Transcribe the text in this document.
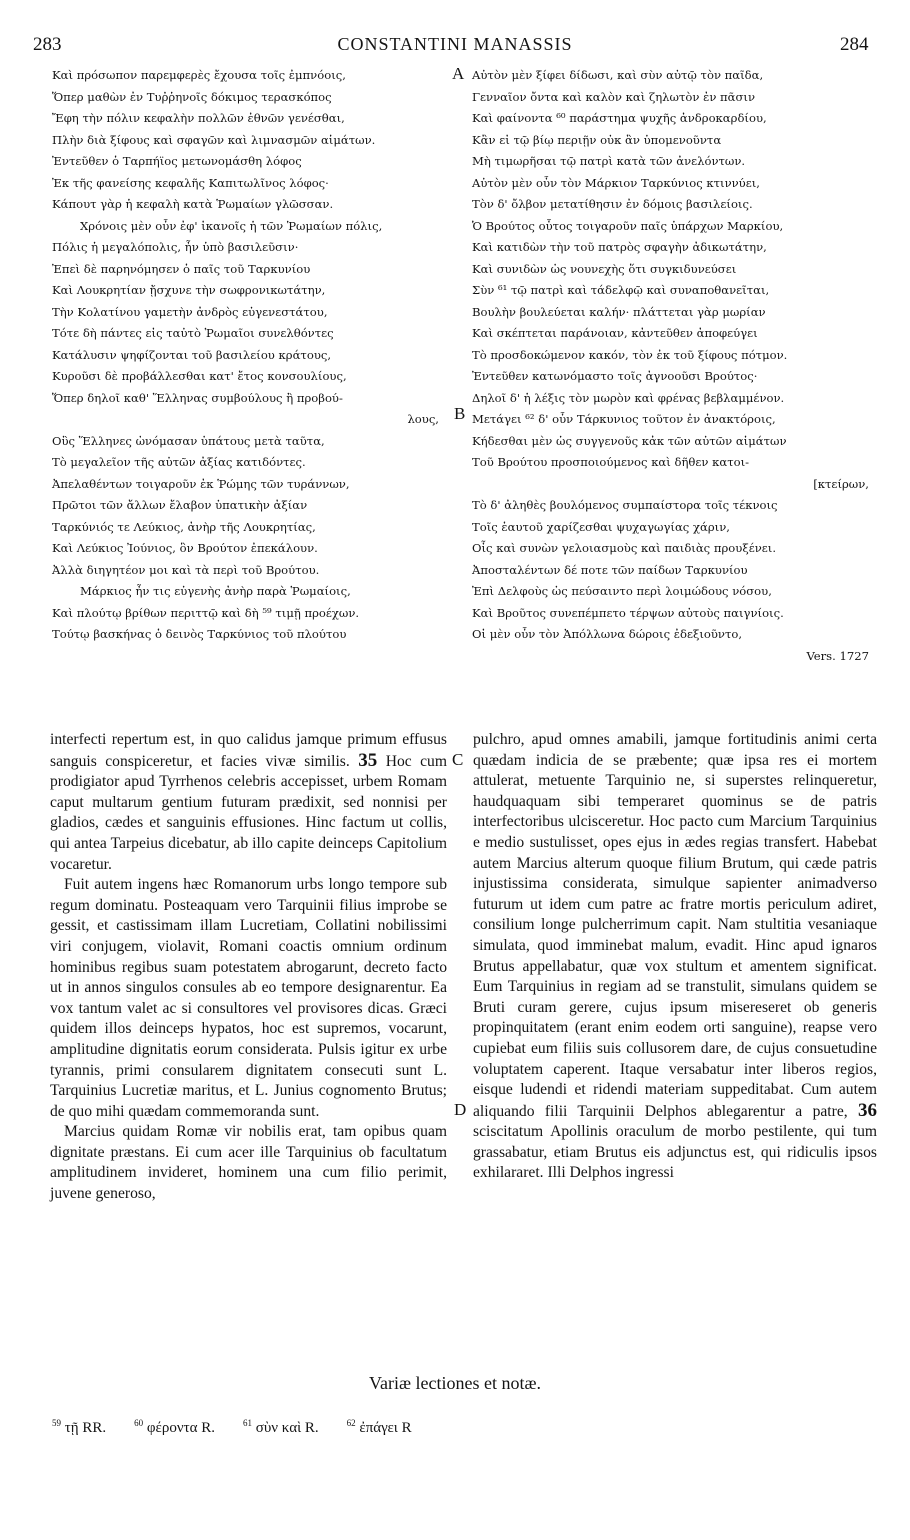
283	CONSTANTINI MANASSIS	284
A
B
C
D
Καὶ πρόσωπον παρεμφερὲς ἔχουσα τοῖς ἐμπνόοις,
Ὅπερ μαθὼν ἐν Τυῤῥηνοῖς δόκιμος τερασκόπος
Ἔφη τὴν πόλιν κεφαλὴν πολλῶν ἐθνῶν γενέσθαι,
Πλὴν διὰ ξίφους καὶ σφαγῶν καὶ λιμνασμῶν αἱμάτων.
Ἐντεῦθεν ὁ Ταρπήϊος μετωνομάσθη λόφος
Ἐκ τῆς φανείσης κεφαλῆς Καπιτωλῖνος λόφος·
Κάπουτ γὰρ ἡ κεφαλὴ κατὰ Ῥωμαίων γλῶσσαν.
Χρόνοις μὲν οὖν ἐφ' ἱκανοῖς ἡ τῶν Ῥωμαίων πόλις,
Πόλις ἡ μεγαλόπολις, ἦν ὑπὸ βασιλεῦσιν·
Ἐπεὶ δὲ παρηνόμησεν ὁ παῖς τοῦ Ταρκυνίου
Καὶ Λουκρητίαν ᾔσχυνε τὴν σωφρονικωτάτην,
Τὴν Κολατίνου γαμετὴν ἀνδρὸς εὐγενεστάτου,
Τότε δὴ πάντες εἰς ταὐτὸ Ῥωμαῖοι συνελθόντες
Κατάλυσιν ψηφίζονται τοῦ βασιλείου κράτους,
Κυροῦσι δὲ προβάλλεσθαι κατ' ἔτος κονσουλίους,
Ὅπερ δηλοῖ καθ' Ἕλληνας συμβούλους ἢ προβού-
λους,
Οὓς Ἕλληνες ὠνόμασαν ὑπάτους μετὰ ταῦτα,
Τὸ μεγαλεῖον τῆς αὐτῶν ἀξίας κατιδόντες.
Ἀπελαθέντων τοιγαροῦν ἐκ Ῥώμης τῶν τυράννων,
Πρῶτοι τῶν ἄλλων ἔλαβον ὑπατικὴν ἀξίαν
Ταρκύνιός τε Λεύκιος, ἀνὴρ τῆς Λουκρητίας,
Καὶ Λεύκιος Ἰούνιος, ὃν Βρούτον ἐπεκάλουν.
Ἀλλὰ διηγητέον μοι καὶ τὰ περὶ τοῦ Βρούτου.
Μάρκιος ἦν τις εὐγενὴς ἀνὴρ παρὰ Ῥωμαίοις,
Καὶ πλούτῳ βρίθων περιττῷ καὶ δὴ ⁵⁹ τιμῇ προέχων.
Τούτῳ βασκήνας ὁ δεινὸς Ταρκύνιος τοῦ πλούτου
Αὐτὸν μὲν ξίφει δίδωσι, καὶ σὺν αὐτῷ τὸν παῖδα,
Γενναῖον ὄντα καὶ καλὸν καὶ ζηλωτὸν ἐν πᾶσιν
Καὶ φαίνοντα ⁶⁰ παράστημα ψυχῆς ἀνδροκαρδίου,
Κἂν εἰ τῷ βίῳ περιῇν οὐκ ἂν ὑπομενοῦντα
Μὴ τιμωρῆσαι τῷ πατρὶ κατὰ τῶν ἀνελόντων.
Αὐτὸν μὲν οὖν τὸν Μάρκιον Ταρκύνιος κτιννύει,
Τὸν δ' ὄλβον μετατίθησιν ἐν δόμοις βασιλείοις.
Ὁ Βρούτος οὗτος τοιγαροῦν παῖς ὑπάρχων Μαρκίου,
Καὶ κατιδὼν τὴν τοῦ πατρὸς σφαγὴν ἀδικωτάτην,
Καὶ συνιδὼν ὡς νουνεχὴς ὅτι συγκιδυνεύσει
Σὺν ⁶¹ τῷ πατρὶ καὶ τάδελφῷ καὶ συναποθανεῖται,
Βουλὴν βουλεύεται καλήν· πλάττεται γὰρ μωρίαν
Καὶ σκέπτεται παράνοιαν, κἀντεῦθεν ἀποφεύγει
Τὸ προσδοκώμενον κακόν, τὸν ἐκ τοῦ ξίφους πότμον.
Ἐντεῦθεν κατωνόμαστο τοῖς ἀγνοοῦσι Βρούτος·
Δηλοῖ δ' ἡ λέξις τὸν μωρὸν καὶ φρένας βεβλαμμένον.
Μετάγει ⁶² δ' οὖν Τάρκυνιος τοῦτον ἐν ἀνακτόροις,
Κήδεσθαι μὲν ὡς συγγενοῦς κἀκ τῶν αὐτῶν αἱμάτων
Τοῦ Βρούτου προσποιούμενος καὶ δῆθεν κατοι-
[κτείρων,
Τὸ δ' ἀληθὲς βουλόμενος συμπαίστορα τοῖς τέκνοις
Τοῖς ἑαυτοῦ χαρίζεσθαι ψυχαγωγίας χάριν,
Οἷς καὶ συνὼν γελοιασμοὺς καὶ παιδιὰς προυξένει.
Ἀποσταλέντων δέ ποτε τῶν παίδων Ταρκυνίου
Ἐπὶ Δελφοὺς ὡς πεύσαιντο περὶ λοιμώδους νόσου,
Καὶ Βροῦτος συνεπέμπετο τέρψων αὐτοὺς παιγνίοις.
Οἱ μὲν οὖν τὸν Ἀπόλλωνα δώροις ἐδεξιοῦντο,
Vers. 1727

interfecti repertum est, in quo calidus jamque primum effusus sanguis conspiceretur, et facies vivæ similis. 35 Hoc cum prodigiator apud Tyrrhenos celebris accepisset, urbem Romam caput multarum gentium futuram prædixit, sed nonnisi per gladios, cædes et sanguinis effusiones. Hinc factum ut collis, qui antea Tarpeius dicebatur, ab illo capite deinceps Capitolium vocaretur.

Fuit autem ingens hæc Romanorum urbs longo tempore sub regum dominatu. Posteaquam vero Tarquinii filius improbe se gessit, et castissimam illam Lucretiam, Collatini nobilissimi viri conjugem, violavit, Romani coactis omnium ordinum hominibus regibus suam potestatem abrogarunt, decreto facto ut in annos singulos consules ab eo tempore designarentur. Ea vox tantum valet ac si consultores vel provisores dicas. Græci quidem illos deinceps hypatos, hoc est supremos, vocarunt, amplitudine dignitatis eorum considerata. Pulsis igitur ex urbe tyrannis, primi consularem dignitatem consecuti sunt L. Tarquinius Lucretiæ maritus, et L. Junius cognomento Brutus; de quo mihi quædam commemoranda sunt.

Marcius quidam Romæ vir nobilis erat, tam opibus quam dignitate præstans. Ei cum acer ille Tarquinius ob facultatum amplitudinem invideret, hominem una cum filio perimit, juvene generoso,

pulchro, apud omnes amabili, jamque fortitudinis animi certa quædam indicia de se præbente; quæ ipsa res ei mortem attulerat, metuente Tarquinio ne, si superstes relinqueretur, haudquaquam sibi temperaret quominus se de patris interfectoribus ulcisceretur. Hoc pacto cum Marcium Tarquinius e medio sustulisset, opes ejus in ædes regias transfert. Habebat autem Marcius alterum quoque filium Brutum, qui cæde patris injustissima considerata, simulque sapienter animadverso futurum ut idem cum patre ac fratre mortis periculum adiret, consilium longe pulcherrimum capit. Nam stultitia vesaniaque simulata, quod imminebat malum, evadit. Hinc apud ignaros Brutus appellabatur, quæ vox stultum et amentem significat. Eum Tarquinius in regiam ad se transtulit, simulans quidem se Bruti curam gerere, cujus ipsum misereseret ob generis propinquitatem (erant enim eodem orti sanguine), reapse vero cupiebat eum filiis suis collusorem dare, de cujus consuetudine voluptatem caperent. Itaque versabatur inter liberos regios, eisque ludendi et ridendi materiam suppeditabat. Cum autem aliquando filii Tarquinii Delphos ablegarentur a patre, 36 sciscitatum Apollinis oraculum de morbo pestilente, qui tum grassabatur, etiam Brutus eis adjunctus est, qui ridiculis ipsos exhilararet. Illi Delphos ingressi

Variæ lectiones et notæ.
$^{59}$ τῇ RR.	$^{60}$ φέροντα R.	$^{61}$ σὺν καὶ R.	$^{62}$ ἐπάγει R
